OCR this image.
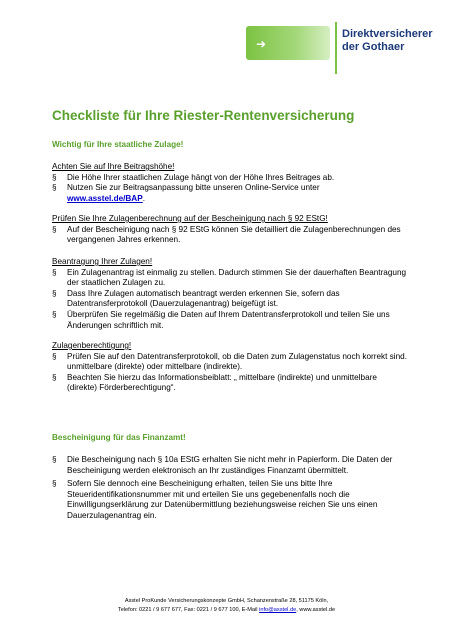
➜
Direktversicherer
der Gothaer
Checkliste für Ihre Riester-Rentenversicherung
Wichtig für Ihre staatliche Zulage!
Achten Sie auf Ihre Beitragshöhe!
§	Die Höhe Ihrer staatlichen Zulage hängt von der Höhe Ihres Beitrages ab.
§	Nutzen Sie zur Beitragsanpassung bitte unseren Online-Service unter
www.asstel.de/BAP.
Prüfen Sie Ihre Zulagenberechnung auf der Bescheinigung nach § 92 EStG!
§	Auf der Bescheinigung nach § 92 EStG können Sie detailliert die Zulagenberechnungen des vergangenen Jahres erkennen.
Beantragung Ihrer Zulagen!
§	Ein Zulagenantrag ist einmalig zu stellen. Dadurch stimmen Sie der dauerhaften Beantragung der staatlichen Zulagen zu.
§	Dass Ihre Zulagen automatisch beantragt werden erkennen Sie, sofern das Datentransferprotokoll (Dauerzulagenantrag) beigefügt ist.
§	Überprüfen Sie regelmäßig die Daten auf Ihrem Datentransferprotokoll und teilen Sie uns Änderungen schriftlich mit.
Zulagenberechtigung!
§	Prüfen Sie auf den Datentransferprotokoll, ob die Daten zum Zulagenstatus noch korrekt sind. unmittelbare (direkte) oder mittelbare (indirekte).
§	Beachten Sie hierzu das Informationsbeiblatt: „ mittelbare (indirekte) und unmittelbare (direkte) Förderberechtigung“.
Bescheinigung für das Finanzamt!
§	Die Bescheinigung nach § 10a EStG erhalten Sie nicht mehr in Papierform. Die Daten der Bescheinigung werden elektronisch an Ihr zuständiges Finanzamt übermittelt.
§	Sofern Sie dennoch eine Bescheinigung erhalten, teilen Sie uns bitte Ihre Steueridentifikationsnummer mit und erteilen Sie uns gegebenenfalls noch die Einwilligungserklärung zur Datenübermittlung beziehungsweise reichen Sie uns einen Dauerzulagenantrag ein.
Asstel ProKunde Versicherungskonzepte GmbH, Schanzenstraße 28, 51175 Köln,
Telefon: 0221 / 9 677 677, Fax: 0221 / 9 677 100, E-Mail info@asstel.de, www.asstel.de
